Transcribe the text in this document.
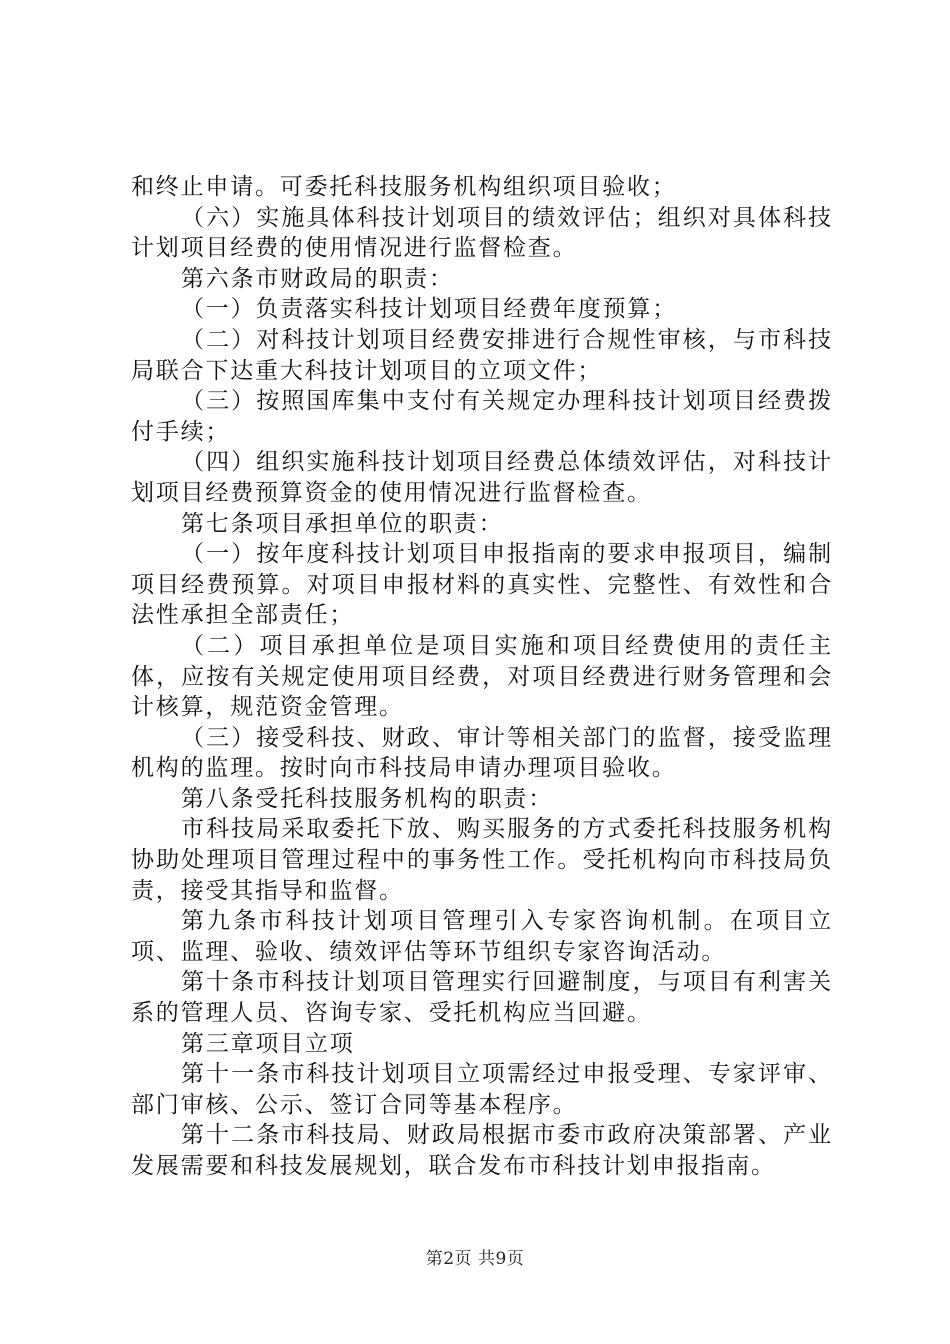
和终止申请。可委托科技服务机构组织项目验收；

（六）实施具体科技计划项目的绩效评估；组织对具体科技计划项目经费的使用情况进行监督检查。

第六条市财政局的职责：

（一）负责落实科技计划项目经费年度预算；

（二）对科技计划项目经费安排进行合规性审核，与市科技局联合下达重大科技计划项目的立项文件；

（三）按照国库集中支付有关规定办理科技计划项目经费拨付手续；

（四）组织实施科技计划项目经费总体绩效评估，对科技计划项目经费预算资金的使用情况进行监督检查。

第七条项目承担单位的职责：

（一）按年度科技计划项目申报指南的要求申报项目，编制项目经费预算。对项目申报材料的真实性、完整性、有效性和合法性承担全部责任；

（二）项目承担单位是项目实施和项目经费使用的责任主体，应按有关规定使用项目经费，对项目经费进行财务管理和会计核算，规范资金管理。

（三）接受科技、财政、审计等相关部门的监督，接受监理机构的监理。按时向市科技局申请办理项目验收。

第八条受托科技服务机构的职责：

市科技局采取委托下放、购买服务的方式委托科技服务机构协助处理项目管理过程中的事务性工作。受托机构向市科技局负责，接受其指导和监督。

第九条市科技计划项目管理引入专家咨询机制。在项目立项、监理、验收、绩效评估等环节组织专家咨询活动。

第十条市科技计划项目管理实行回避制度，与项目有利害关系的管理人员、咨询专家、受托机构应当回避。

第三章项目立项

第十一条市科技计划项目立项需经过申报受理、专家评审、部门审核、公示、签订合同等基本程序。

第十二条市科技局、财政局根据市委市政府决策部署、产业发展需要和科技发展规划，联合发布市科技计划申报指南。

第2页 共9页
